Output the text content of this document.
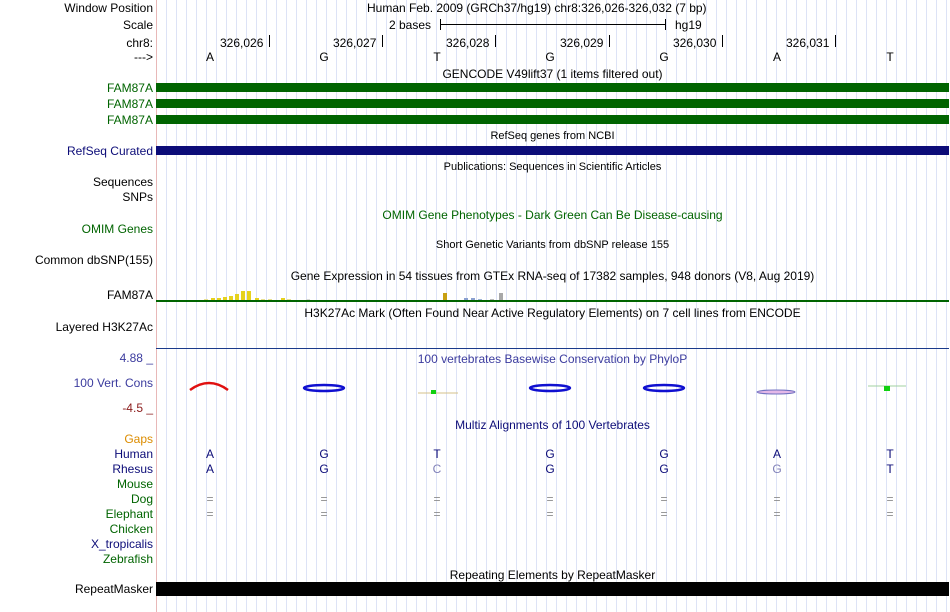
Window Position	Human Feb. 2009 (GRCh37/hg19) chr8:326,026-326,032 (7 bp)
Scale	2 bases	hg19
chr8:	326,026	326,027	326,028	326,029	326,030	326,031
--->	A	G	T	G	G	A	T
GENCODE V49lift37 (1 items filtered out)
FAM87A
FAM87A
FAM87A
RefSeq genes from NCBI
RefSeq Curated
Publications: Sequences in Scientific Articles
Sequences
SNPs
OMIM Gene Phenotypes - Dark Green Can Be Disease-causing
OMIM Genes
Short Genetic Variants from dbSNP release 155
Common dbSNP(155)
Gene Expression in 54 tissues from GTEx RNA-seq of 17382 samples, 948 donors (V8, Aug 2019)
FAM87A
H3K27Ac Mark (Often Found Near Active Regulatory Elements) on 7 cell lines from ENCODE
Layered H3K27Ac
100 vertebrates Basewise Conservation by PhyloP
4.88 _
100 Vert. Cons
-4.5 _
Multiz Alignments of 100 Vertebrates
Gaps
Human	A	G	T	G	G	A	T
Rhesus	A	G	C	G	G	G	T
Mouse
Dog	=	=	=	=	=	=	=
Elephant	=	=	=	=	=	=	=
Chicken
X_tropicalis
Zebrafish
Repeating Elements by RepeatMasker
RepeatMasker
